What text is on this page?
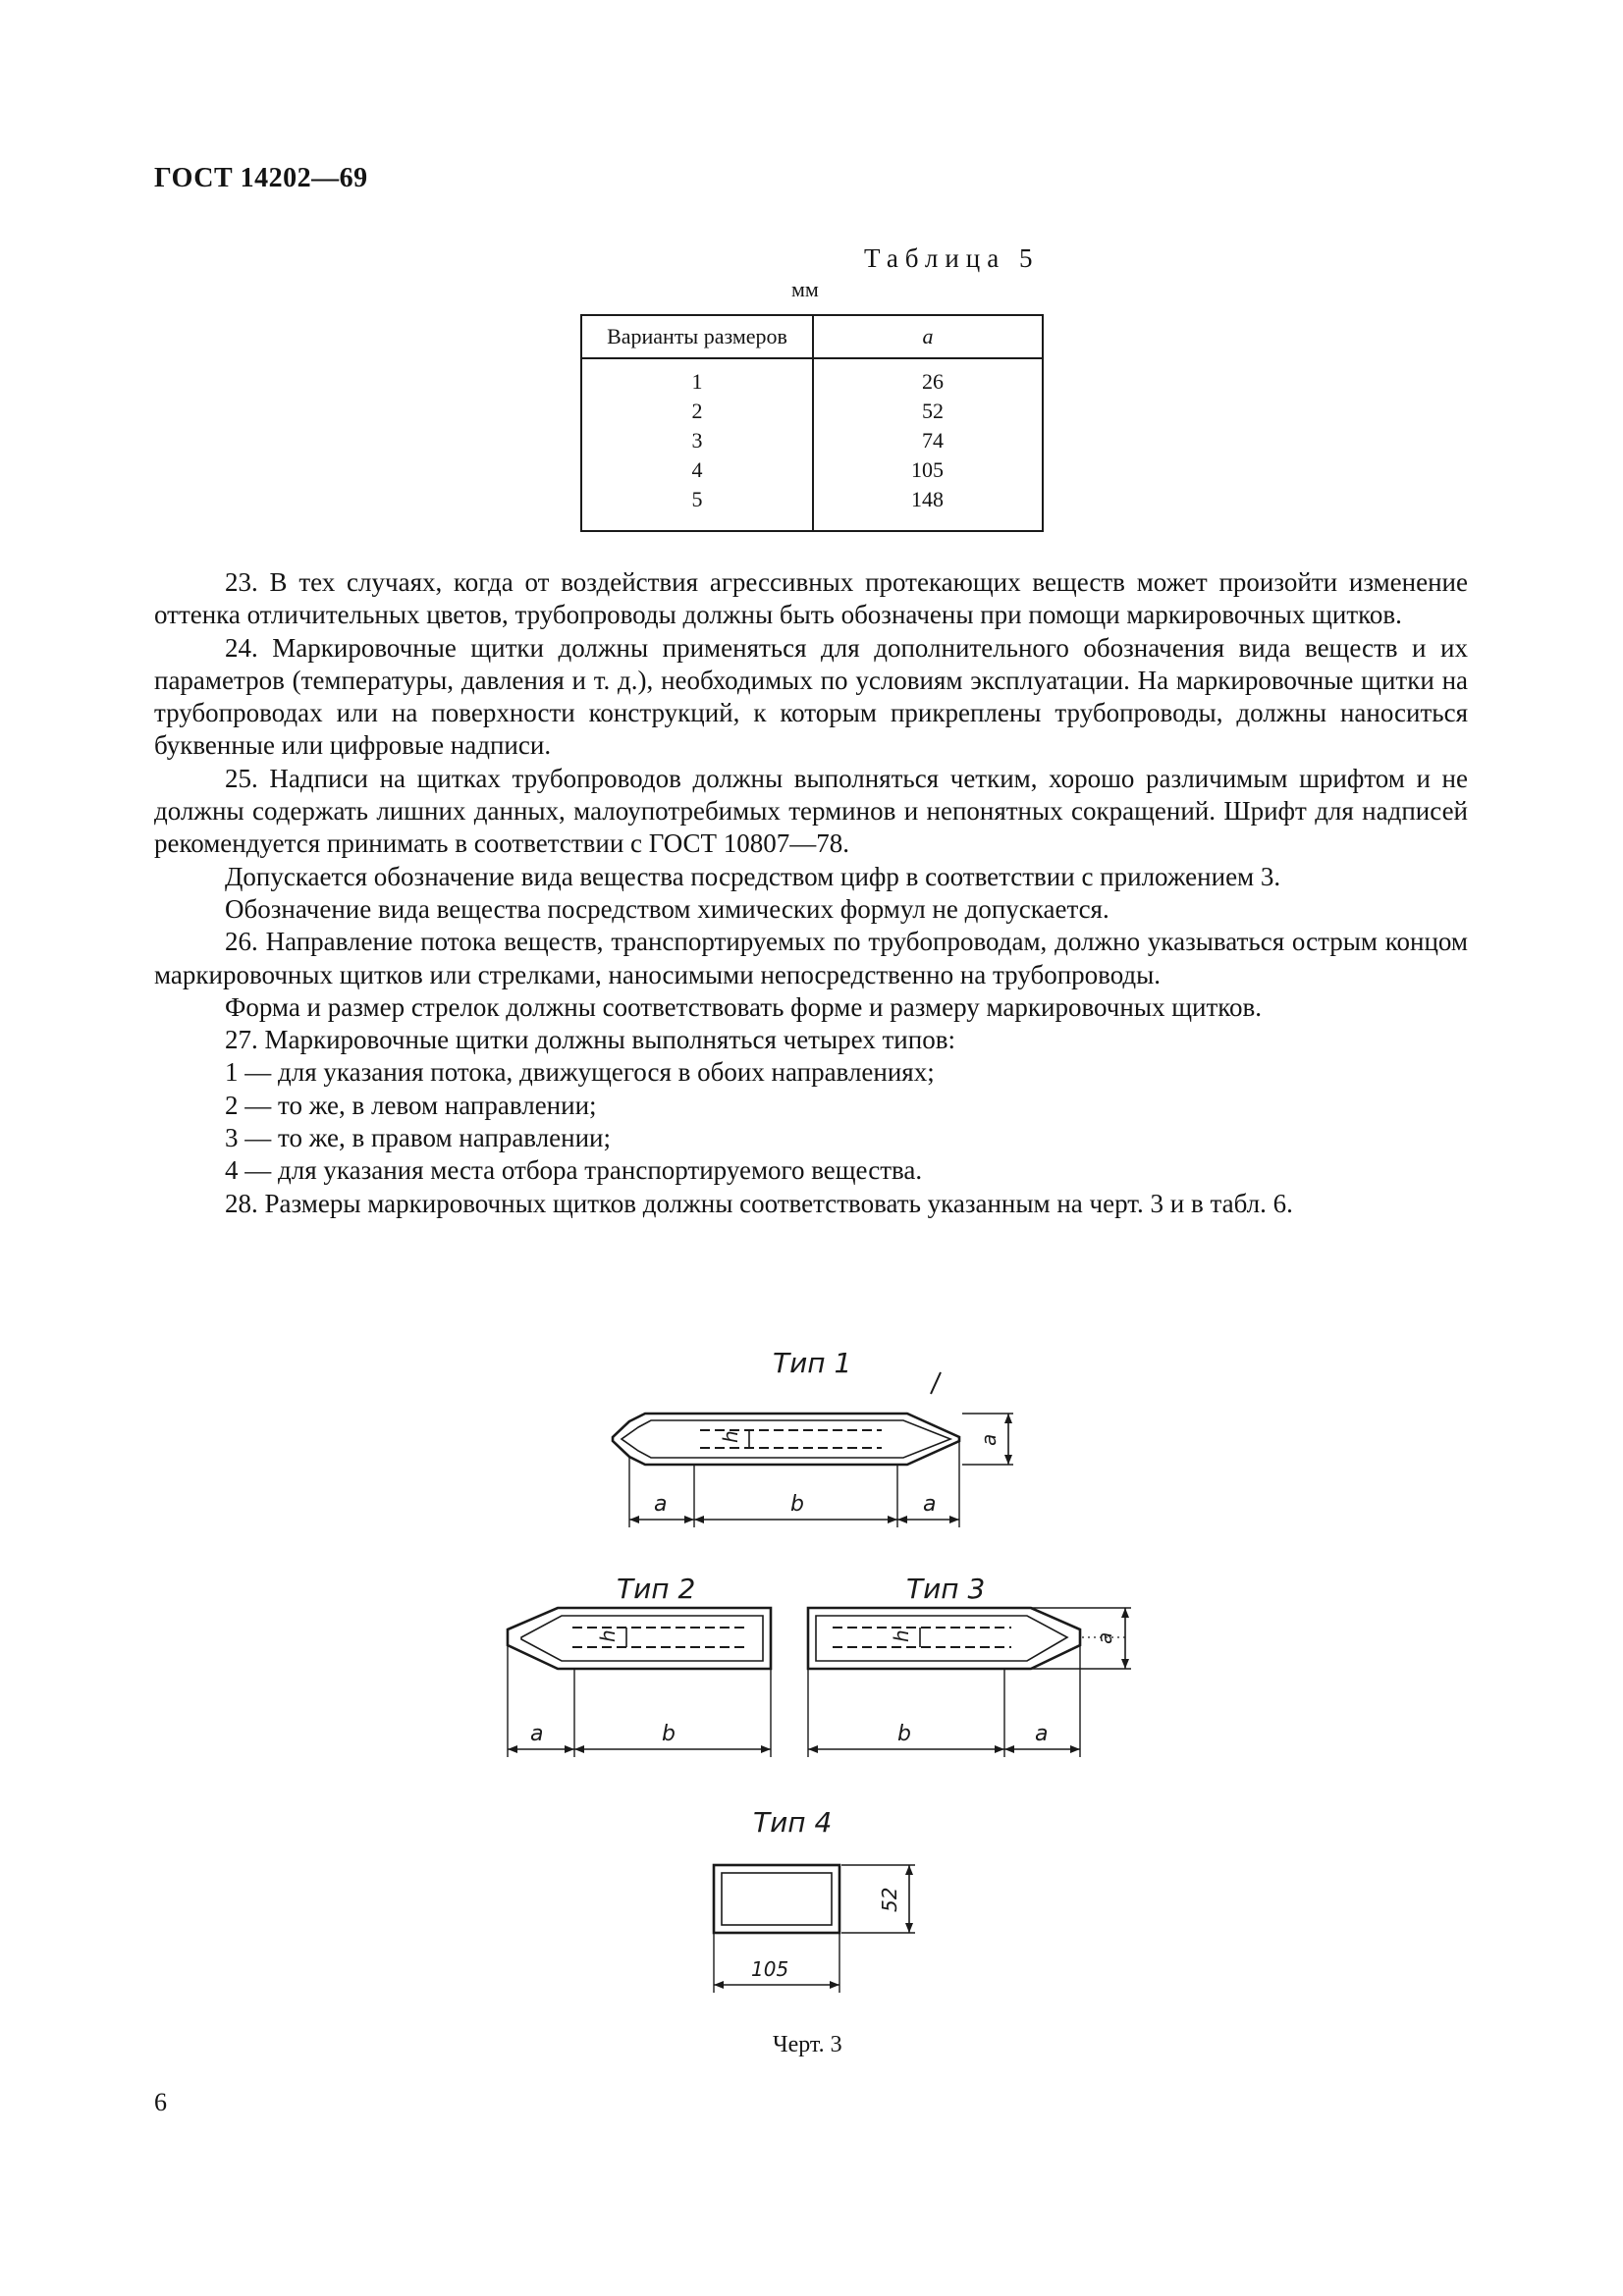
ГОСТ 14202—69
Таблица 5
мм
Варианты размеров	a
1	26
2	52
3	74
4	105
5	148

23. В тех случаях, когда от воздействия агрессивных протекающих веществ может произойти изменение оттенка отличительных цветов, трубопроводы должны быть обозначены при помощи маркировочных щитков.

24. Маркировочные щитки должны применяться для дополнительного обозначения вида веществ и их параметров (температуры, давления и т. д.), необходимых по условиям эксплуатации. На маркировочные щитки на трубопроводах или на поверхности конструкций, к которым прикреплены трубопроводы, должны наноситься буквенные или цифровые надписи.

25. Надписи на щитках трубопроводов должны выполняться четким, хорошо различимым шрифтом и не должны содержать лишних данных, малоупотребимых терминов и непонятных сокращений. Шрифт для надписей рекомендуется принимать в соответствии с ГОСТ 10807—78.

Допускается обозначение вида вещества посредством цифр в соответствии с приложением 3.

Обозначение вида вещества посредством химических формул не допускается.

26. Направление потока веществ, транспортируемых по трубопроводам, должно указываться острым концом маркировочных щитков или стрелками, наносимыми непосредственно на трубопроводы.

Форма и размер стрелок должны соответствовать форме и размеру маркировочных щитков.

27. Маркировочные щитки должны выполняться четырех типов:

1 — для указания потока, движущегося в обоих направлениях;

2 — то же, в левом направлении;

3 — то же, в правом направлении;

4 — для указания места отбора транспортируемого вещества.

28. Размеры маркировочных щитков должны соответствовать указанным на черт. 3 и в табл. 6.

Тип 1
h	a
a	b	a
Тип 2
h
a	b
Тип 3
h	a
b	a
Тип 4
52
105
Черт. 3
6
